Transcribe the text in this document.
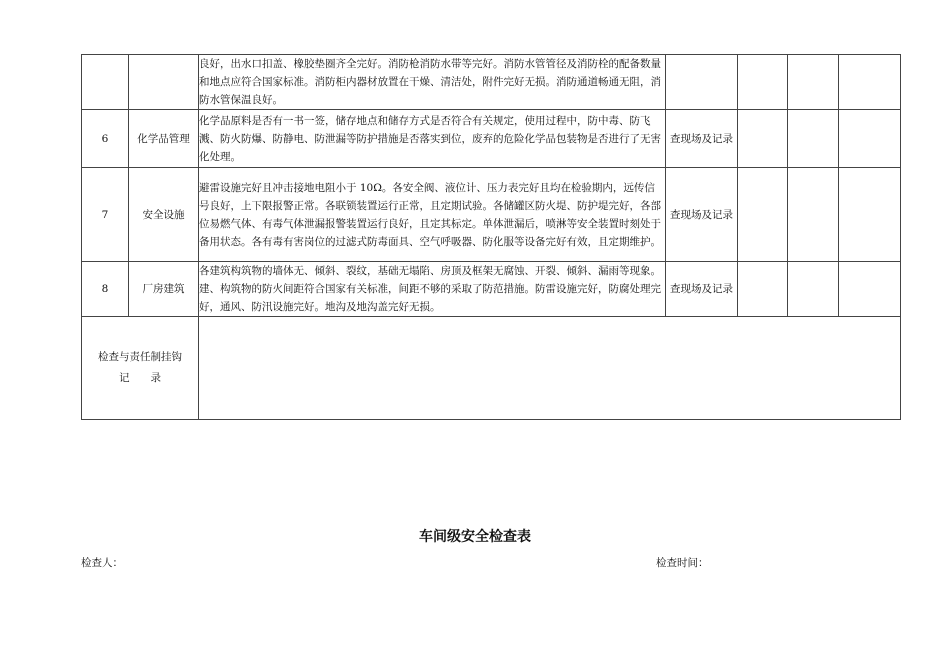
		良好，出水口扣盖、橡胶垫圈齐全完好。消防枪消防水带等完好。消防水管管径及消防栓的配备数量和地点应符合国家标准。消防柜内器材放置在干燥、清洁处，附件完好无损。消防通道畅通无阻，消防水管保温良好。				
6	化学品管理	化学品原料是否有一书一签，储存地点和储存方式是否符合有关规定，使用过程中，防中毒、防飞溅、防火防爆、防静电、防泄漏等防护措施是否落实到位，废弃的危险化学品包装物是否进行了无害化处理。	查现场及记录			
7	安全设施	避雷设施完好且冲击接地电阻小于 10Ω。各安全阀、液位计、压力表完好且均在检验期内，远传信号良好，上下限报警正常。各联锁装置运行正常，且定期试验。各储罐区防火堤、防护堤完好，各部位易燃气体、有毒气体泄漏报警装置运行良好，且定其标定。单体泄漏后，喷淋等安全装置时刻处于备用状态。各有毒有害岗位的过滤式防毒面具、空气呼吸器、防化服等设备完好有效，且定期维护。	查现场及记录			
8	厂房建筑	各建筑构筑物的墙体无、倾斜、裂纹，基础无塌陷、房顶及框架无腐蚀、开裂、倾斜、漏雨等现象。建、构筑物的防火间距符合国家有关标准，间距不够的采取了防范措施。防雷设施完好，防腐处理完好，通风、防汛设施完好。地沟及地沟盖完好无损。	查现场及记录			

检查与责任制挂钩
记　　录						

车间级安全检查表
检查人：	检查时间：
